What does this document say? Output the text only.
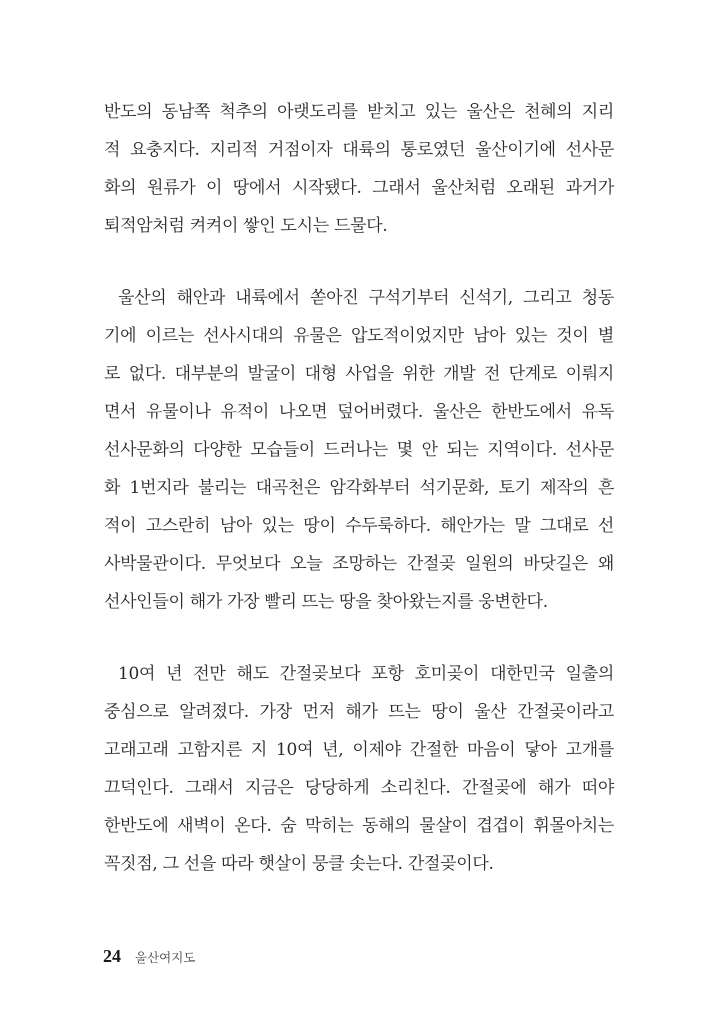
반도의 동남쪽 척추의 아랫도리를 받치고 있는 울산은 천혜의 지리
적 요충지다. 지리적 거점이자 대륙의 통로였던 울산이기에 선사문
화의 원류가 이 땅에서 시작됐다. 그래서 울산처럼 오래된 과거가
퇴적암처럼 켜켜이 쌓인 도시는 드물다.

울산의 해안과 내륙에서 쏟아진 구석기부터 신석기, 그리고 청동
기에 이르는 선사시대의 유물은 압도적이었지만 남아 있는 것이 별
로 없다. 대부분의 발굴이 대형 사업을 위한 개발 전 단계로 이뤄지
면서 유물이나 유적이 나오면 덮어버렸다. 울산은 한반도에서 유독
선사문화의 다양한 모습들이 드러나는 몇 안 되는 지역이다. 선사문
화 1번지라 불리는 대곡천은 암각화부터 석기문화, 토기 제작의 흔
적이 고스란히 남아 있는 땅이 수두룩하다. 해안가는 말 그대로 선
사박물관이다. 무엇보다 오늘 조망하는 간절곶 일원의 바닷길은 왜
선사인들이 해가 가장 빨리 뜨는 땅을 찾아왔는지를 웅변한다.

10여 년 전만 해도 간절곶보다 포항 호미곶이 대한민국 일출의
중심으로 알려졌다. 가장 먼저 해가 뜨는 땅이 울산 간절곶이라고
고래고래 고함지른 지 10여 년, 이제야 간절한 마음이 닿아 고개를
끄덕인다. 그래서 지금은 당당하게 소리친다. 간절곶에 해가 떠야
한반도에 새벽이 온다. 숨 막히는 동해의 물살이 겹겹이 휘몰아치는
꼭짓점, 그 선을 따라 햇살이 뭉클 솟는다. 간절곶이다.

24 울산여지도
